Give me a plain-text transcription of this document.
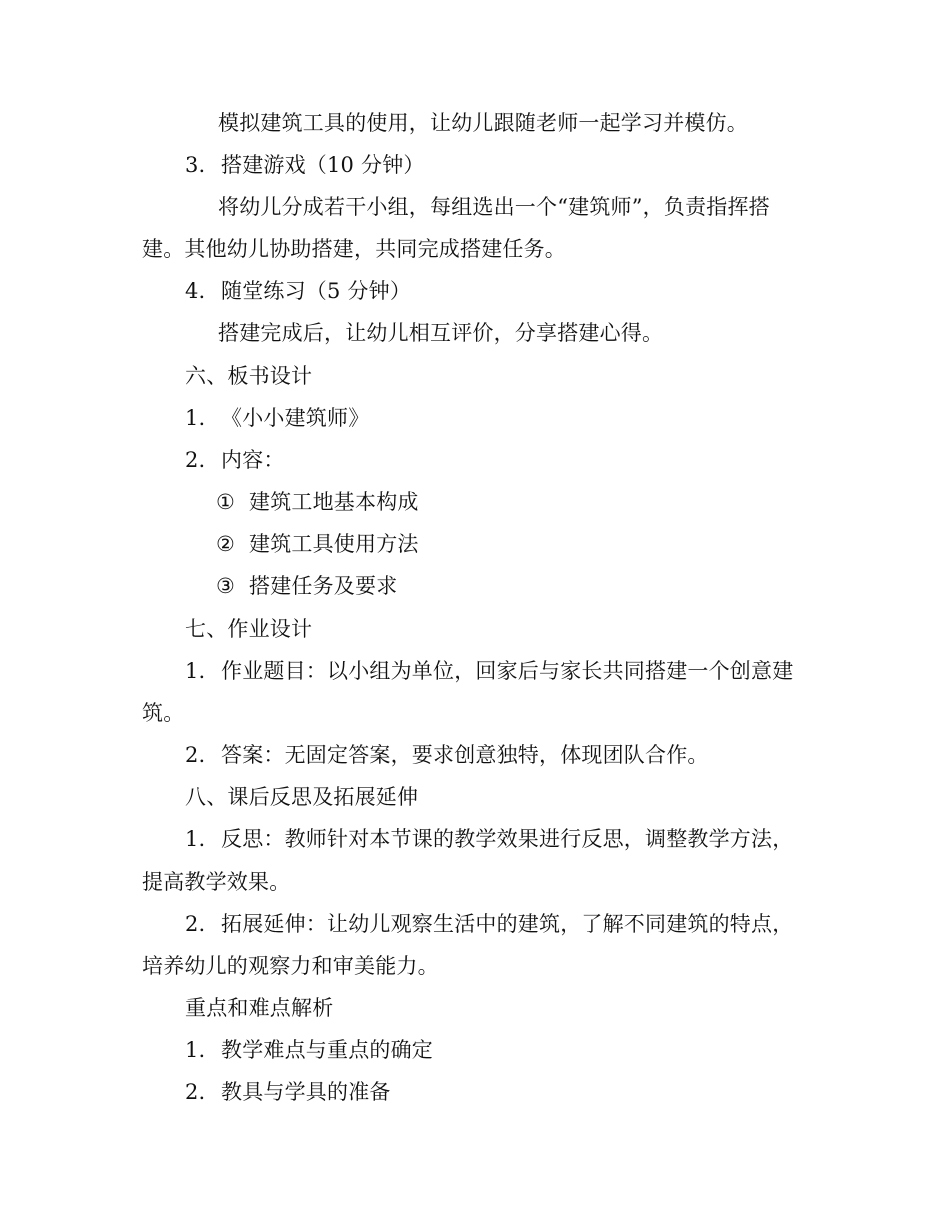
模拟建筑工具的使用，让幼儿跟随老师一起学习并模仿。
3. 搭建游戏（10 分钟）
将幼儿分成若干小组，每组选出一个“建筑师”，负责指挥搭
建。其他幼儿协助搭建，共同完成搭建任务。
4. 随堂练习（5 分钟）
搭建完成后，让幼儿相互评价，分享搭建心得。
六、板书设计
1. 《小小建筑师》
2. 内容：
① 建筑工地基本构成
② 建筑工具使用方法
③ 搭建任务及要求
七、作业设计
1. 作业题目：以小组为单位，回家后与家长共同搭建一个创意建
筑。
2. 答案：无固定答案，要求创意独特，体现团队合作。
八、课后反思及拓展延伸
1. 反思：教师针对本节课的教学效果进行反思，调整教学方法，
提高教学效果。
2. 拓展延伸：让幼儿观察生活中的建筑，了解不同建筑的特点，
培养幼儿的观察力和审美能力。
重点和难点解析
1. 教学难点与重点的确定
2. 教具与学具的准备
